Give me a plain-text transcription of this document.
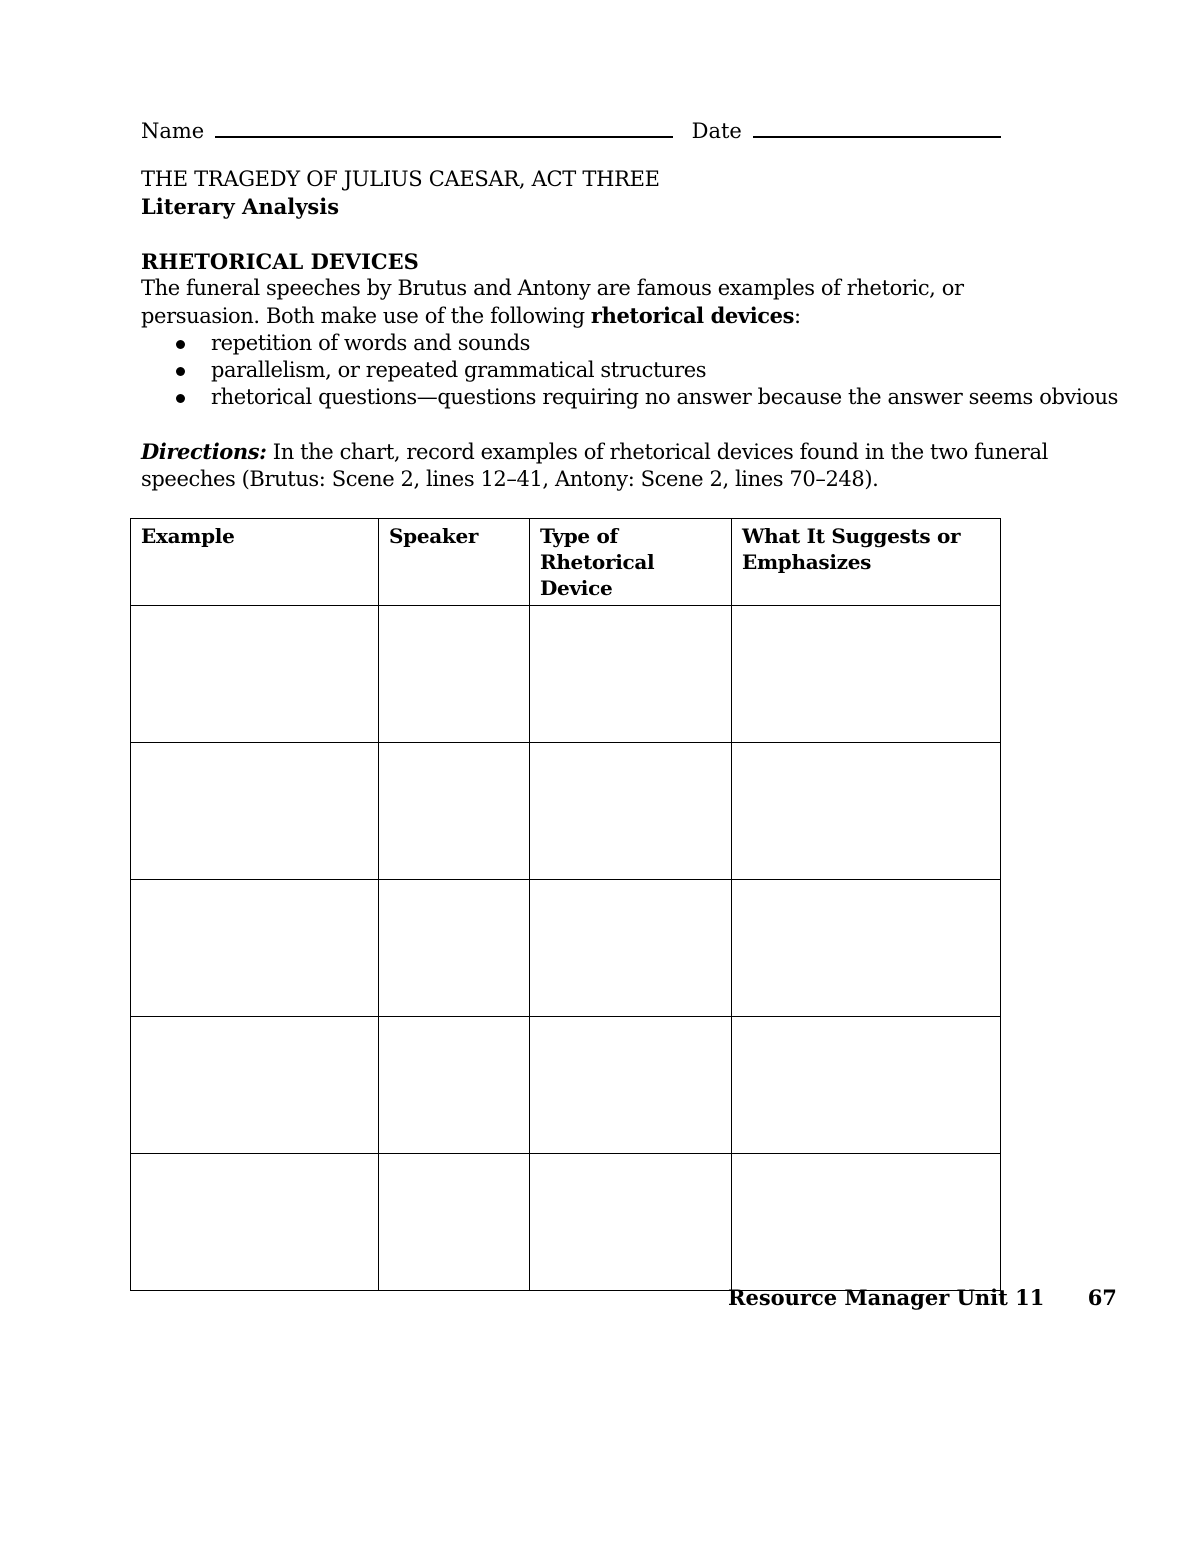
Name	Date
THE TRAGEDY OF JULIUS CAESAR, ACT THREE
Literary Analysis
RHETORICAL DEVICES
The funeral speeches by Brutus and Antony are famous examples of rhetoric, or persuasion. Both make use of the following rhetorical devices:
repetition of words and sounds
parallelism, or repeated grammatical structures
rhetorical questions—questions requiring no answer because the answer seems obvious
Directions: In the chart, record examples of rhetorical devices found in the two funeral speeches (Brutus: Scene 2, lines 12–41, Antony: Scene 2, lines 70–248).
Example	Speaker	Type of Rhetorical Device	What It Suggests or Emphasizes

Resource Manager Unit 11 67
